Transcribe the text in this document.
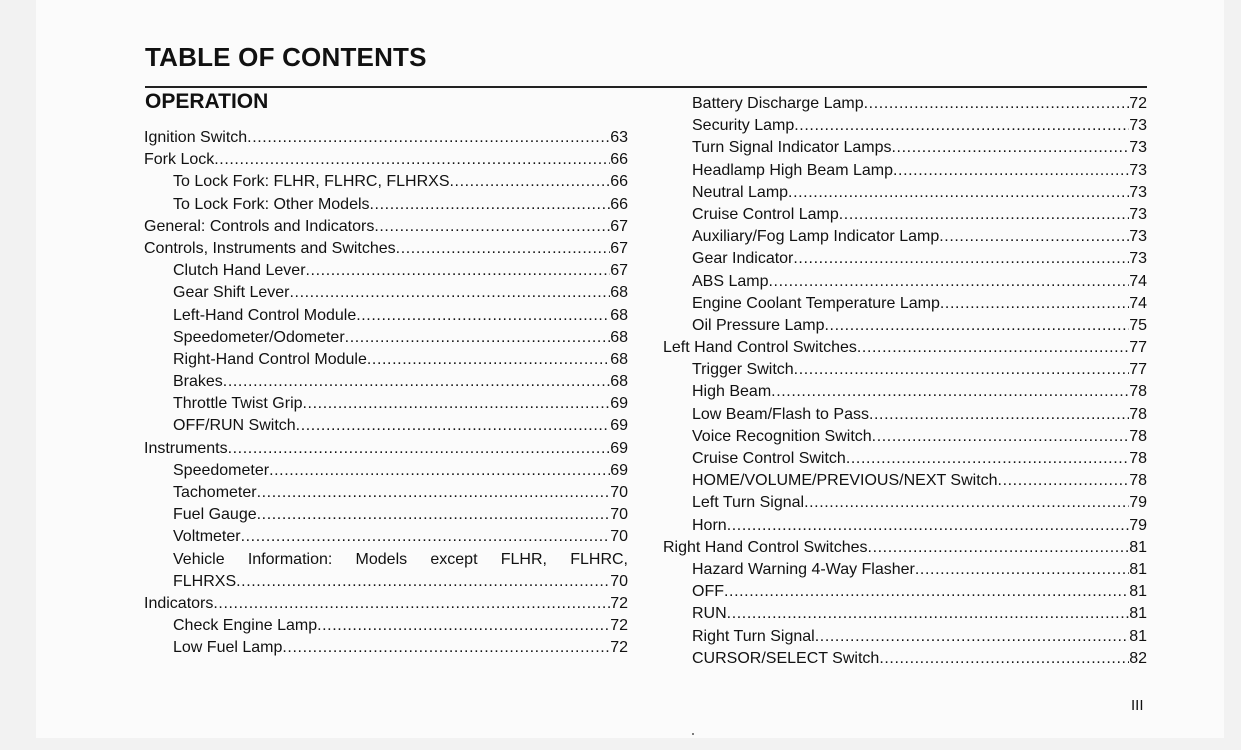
TABLE OF CONTENTS
OPERATION
Ignition Switch .....	63
Fork Lock .....	66
To Lock Fork: FLHR, FLHRC, FLHRXS .....	66
To Lock Fork: Other Models .....	66
General: Controls and Indicators .....	67
Controls, Instruments and Switches .....	67
Clutch Hand Lever .....	67
Gear Shift Lever .....	68
Left-Hand Control Module .....	68
Speedometer/Odometer .....	68
Right-Hand Control Module .....	68
Brakes .....	68
Throttle Twist Grip .....	69
OFF/RUN Switch .....	69
Instruments .....	69
Speedometer .....	69
Tachometer .....	70
Fuel Gauge .....	70
Voltmeter .....	70
Vehicle Information: Models except FLHR, FLHRC,
FLHRXS .....	70
Indicators .....	72
Check Engine Lamp .....	72
Low Fuel Lamp .....	72
Battery Discharge Lamp .....	72
Security Lamp .....	73
Turn Signal Indicator Lamps .....	73
Headlamp High Beam Lamp .....	73
Neutral Lamp .....	73
Cruise Control Lamp .....	73
Auxiliary/Fog Lamp Indicator Lamp .....	73
Gear Indicator .....	73
ABS Lamp .....	74
Engine Coolant Temperature Lamp .....	74
Oil Pressure Lamp .....	75
Left Hand Control Switches .....	77
Trigger Switch .....	77
High Beam .....	78
Low Beam/Flash to Pass .....	78
Voice Recognition Switch .....	78
Cruise Control Switch .....	78
HOME/VOLUME/PREVIOUS/NEXT Switch .....	78
Left Turn Signal .....	79
Horn .....	79
Right Hand Control Switches .....	81
Hazard Warning 4-Way Flasher .....	81
OFF .....	81
RUN .....	81
Right Turn Signal .....	81
CURSOR/SELECT Switch .....	82
III
